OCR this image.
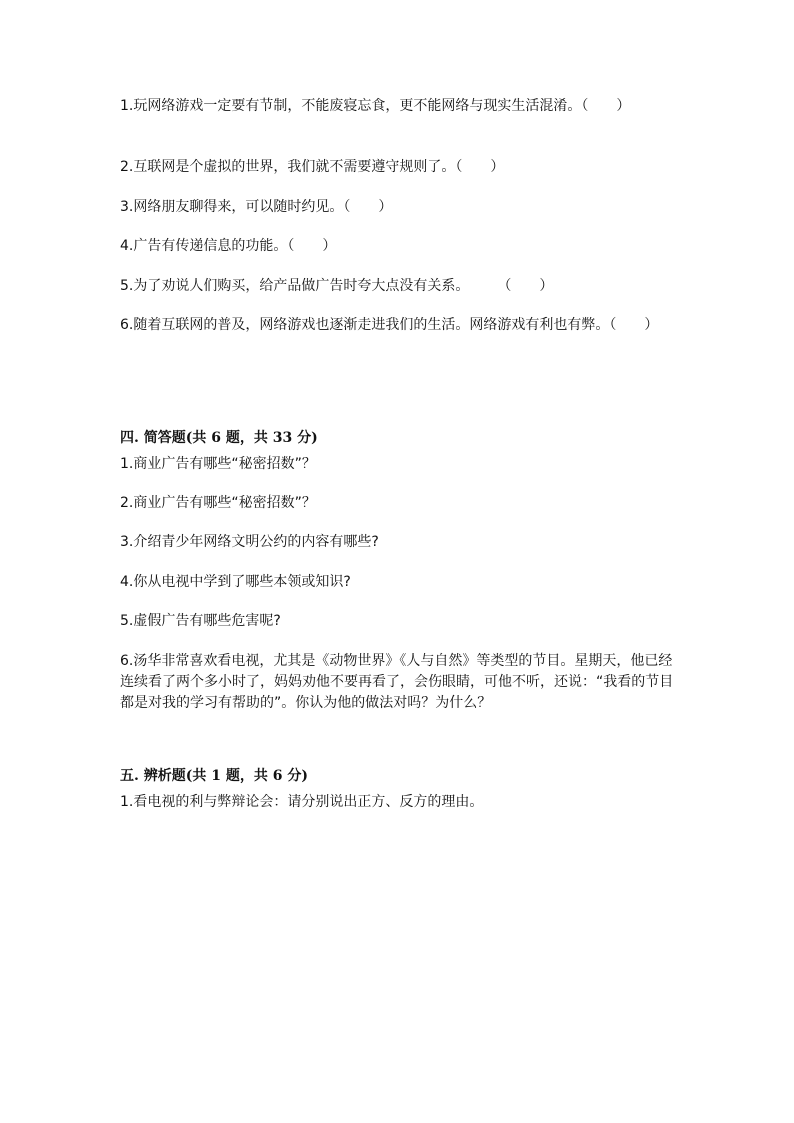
1.玩网络游戏一定要有节制，不能废寝忘食，更不能网络与现实生活混淆。（　　）

2.互联网是个虚拟的世界，我们就不需要遵守规则了。（　　）

3.网络朋友聊得来，可以随时约见。（　　）

4.广告有传递信息的功能。（　　）

5.为了劝说人们购买，给产品做广告时夸大点没有关系。　　　（　　）

6.随着互联网的普及，网络游戏也逐渐走进我们的生活。网络游戏有利也有弊。（　　）

四. 简答题(共 6 题，共 33 分)

1.商业广告有哪些“秘密招数”？

2.商业广告有哪些“秘密招数”？

3.介绍青少年网络文明公约的内容有哪些?

4.你从电视中学到了哪些本领或知识?

5.虚假广告有哪些危害呢?

6.汤华非常喜欢看电视，尤其是《动物世界》《人与自然》等类型的节目。星期天，他已经连续看了两个多小时了，妈妈劝他不要再看了，会伤眼睛，可他不听，还说：“我看的节目都是对我的学习有帮助的”。你认为他的做法对吗？为什么？

五. 辨析题(共 1 题，共 6 分)

1.看电视的利与弊辩论会：请分别说出正方、反方的理由。
